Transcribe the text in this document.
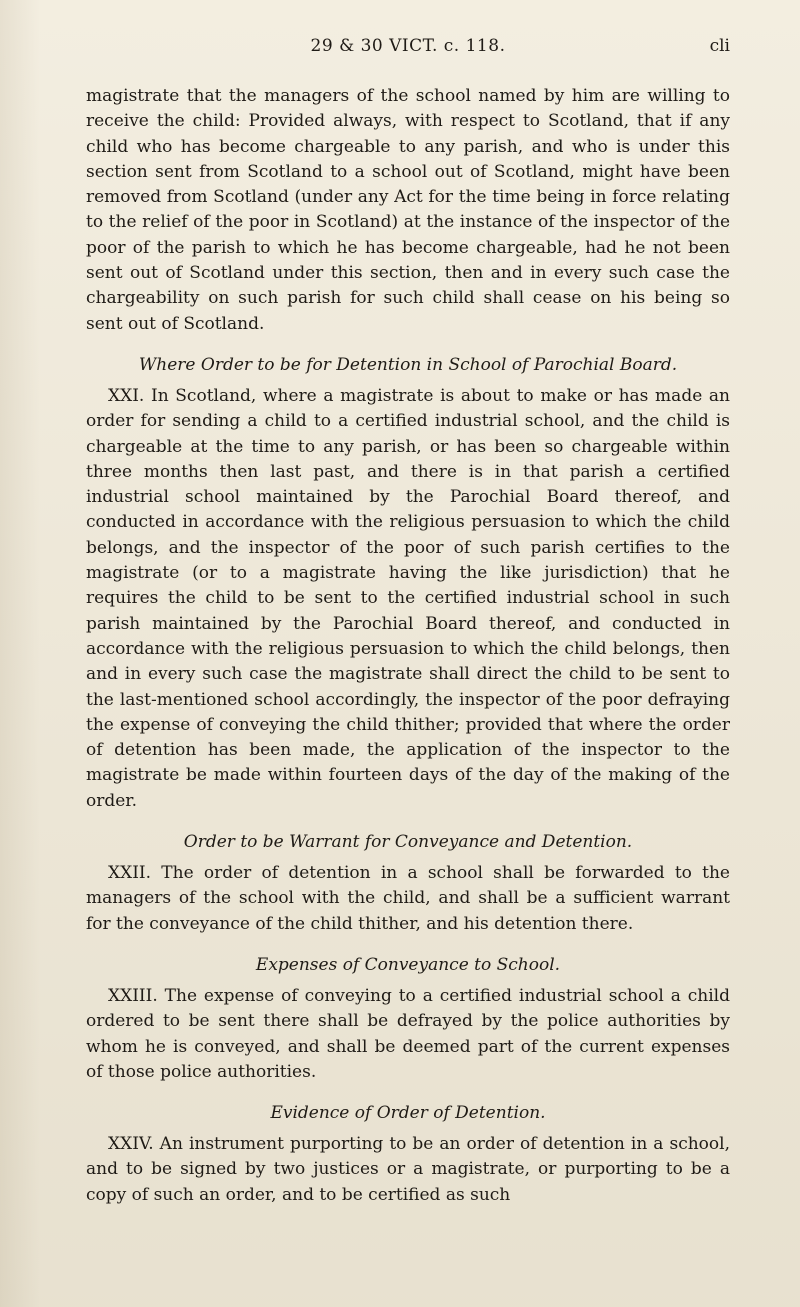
29 & 30 VICT. c. 118.	cli

magistrate that the managers of the school named by him are willing to receive the child: Provided always, with respect to Scotland, that if any child who has become chargeable to any parish, and who is under this section sent from Scotland to a school out of Scotland, might have been removed from Scotland (under any Act for the time being in force relating to the relief of the poor in Scotland) at the instance of the inspector of the poor of the parish to which he has become chargeable, had he not been sent out of Scotland under this section, then and in every such case the chargeability on such parish for such child shall cease on his being so sent out of Scotland.

Where Order to be for Detention in School of Parochial Board.

XXI. In Scotland, where a magistrate is about to make or has made an order for sending a child to a certified industrial school, and the child is chargeable at the time to any parish, or has been so chargeable within three months then last past, and there is in that parish a certified industrial school maintained by the Parochial Board thereof, and conducted in accordance with the religious persuasion to which the child belongs, and the inspector of the poor of such parish certifies to the magistrate (or to a magistrate having the like jurisdiction) that he requires the child to be sent to the certified industrial school in such parish maintained by the Parochial Board thereof, and conducted in accordance with the religious persuasion to which the child belongs, then and in every such case the magistrate shall direct the child to be sent to the last-mentioned school accordingly, the inspector of the poor defraying the expense of conveying the child thither; provided that where the order of detention has been made, the application of the inspector to the magistrate be made within fourteen days of the day of the making of the order.

Order to be Warrant for Conveyance and Detention.

XXII. The order of detention in a school shall be forwarded to the managers of the school with the child, and shall be a sufficient warrant for the conveyance of the child thither, and his detention there.

Expenses of Conveyance to School.

XXIII. The expense of conveying to a certified industrial school a child ordered to be sent there shall be defrayed by the police authorities by whom he is conveyed, and shall be deemed part of the current expenses of those police authorities.

Evidence of Order of Detention.

XXIV. An instrument purporting to be an order of detention in a school, and to be signed by two justices or a magistrate, or purporting to be a copy of such an order, and to be certified as such
